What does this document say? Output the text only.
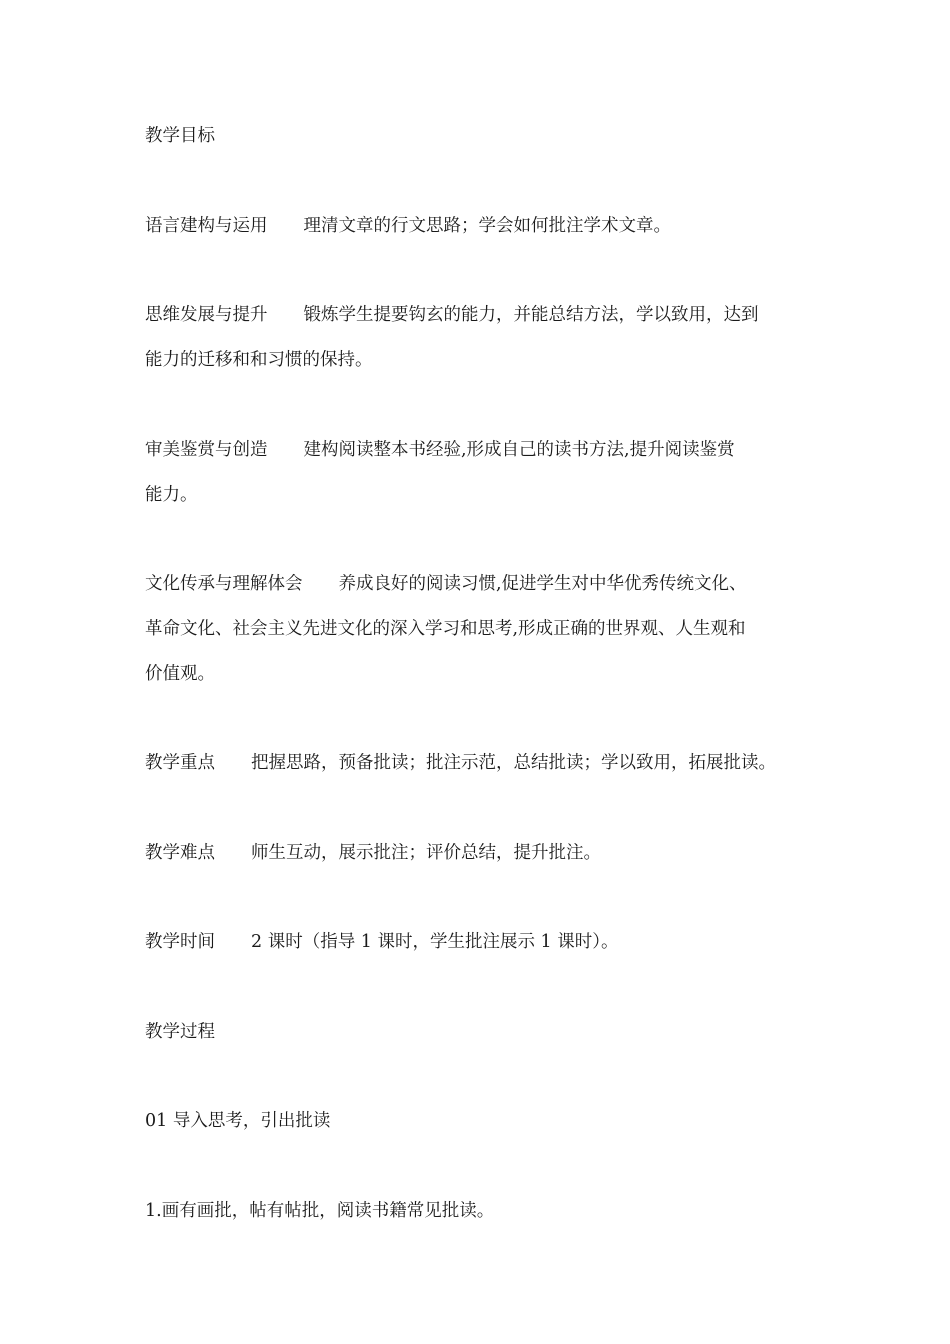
教学目标

语言建构与运用 理清文章的行文思路；学会如何批注学术文章。
思维发展与提升 锻炼学生提要钩玄的能力，并能总结方法，学以致用，达到
能力的迁移和和习惯的保持。
审美鉴赏与创造 建构阅读整本书经验,形成自己的读书方法,提升阅读鉴赏
能力。
文化传承与理解体会 养成良好的阅读习惯,促进学生对中华优秀传统文化、
革命文化、社会主义先进文化的深入学习和思考,形成正确的世界观、人生观和
价值观。
教学重点 把握思路，预备批读；批注示范，总结批读；学以致用，拓展批读。
教学难点 师生互动，展示批注；评价总结，提升批注。
教学时间 2 课时（指导 1 课时，学生批注展示 1 课时）。

教学过程

01 导入思考，引出批读

1.画有画批，帖有帖批，阅读书籍常见批读。
